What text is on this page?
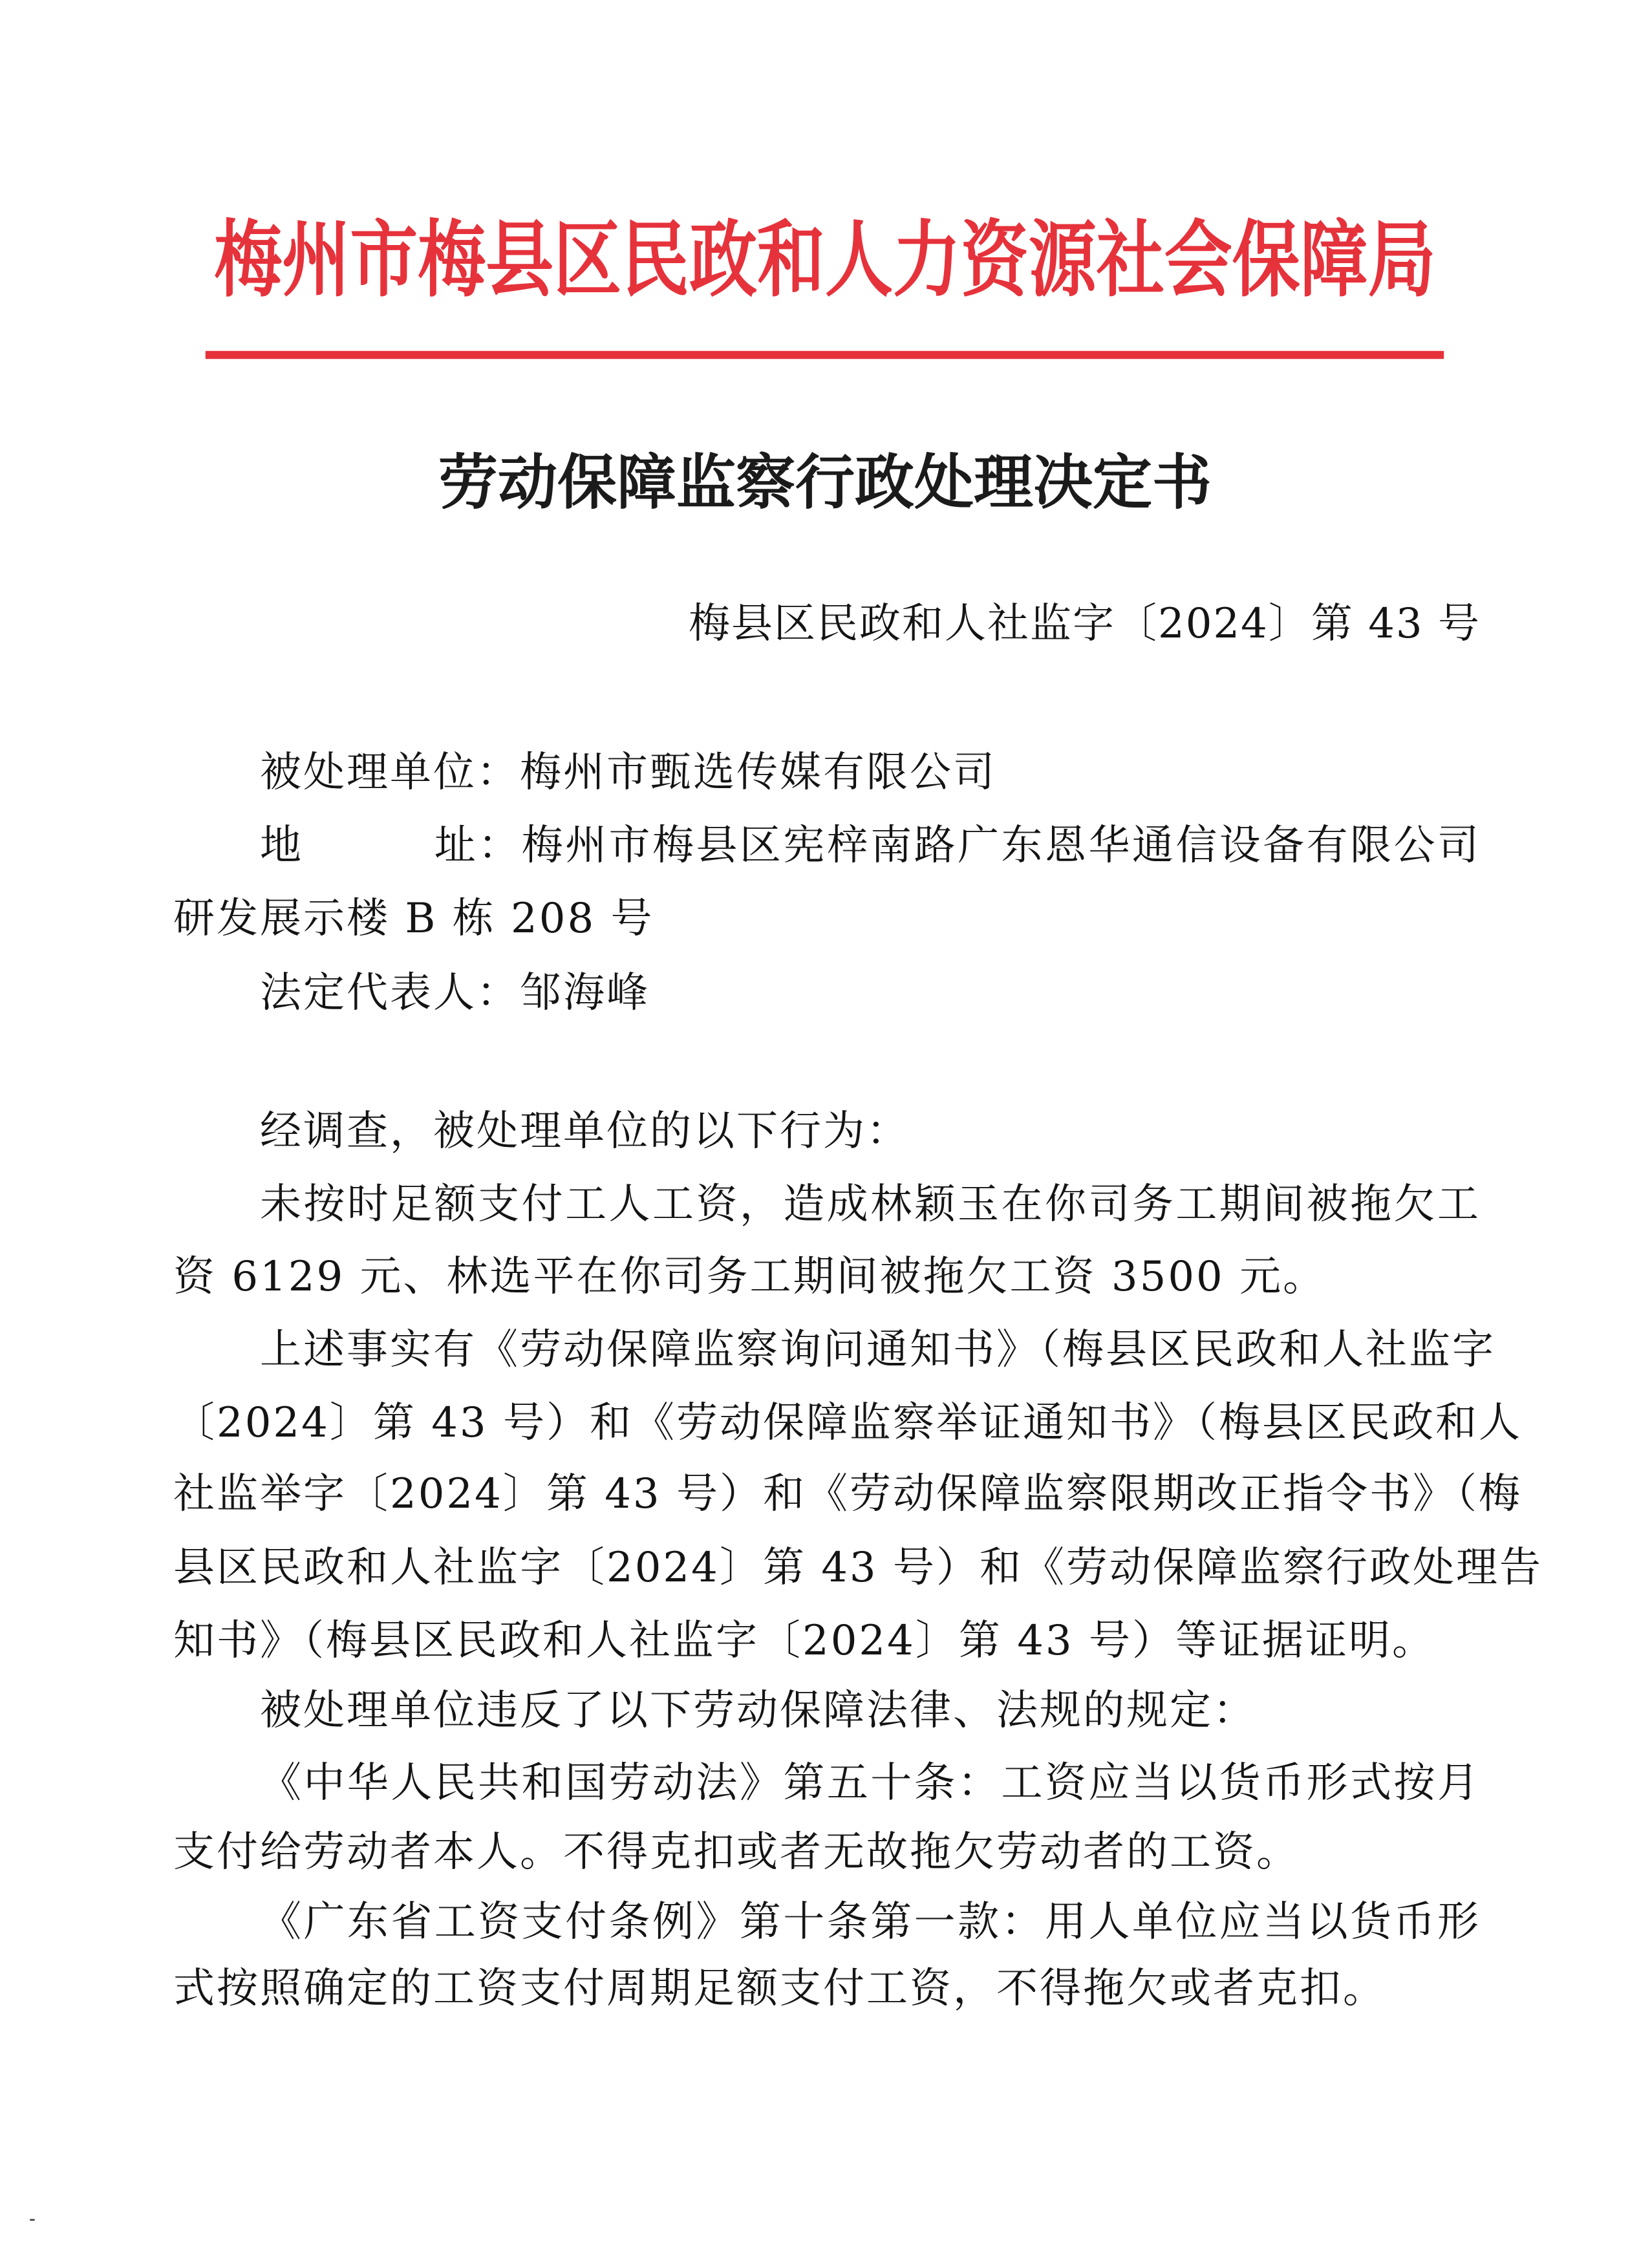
梅州市梅县区民政和人力资源社会保障局
劳动保障监察行政处理决定书
梅县区民政和人社监字〔2024〕第 43 号
被处理单位：梅州市甄选传媒有限公司
地　　　址：梅州市梅县区宪梓南路广东恩华通信设备有限公司
研发展示楼 B 栋 208 号
法定代表人：邹海峰
经调查，被处理单位的以下行为：
未按时足额支付工人工资，造成林颖玉在你司务工期间被拖欠工
资 6129 元、林选平在你司务工期间被拖欠工资 3500 元。
上述事实有《劳动保障监察询问通知书》（梅县区民政和人社监字
〔2024〕第 43 号）和《劳动保障监察举证通知书》（梅县区民政和人
社监举字〔2024〕第 43 号）和《劳动保障监察限期改正指令书》（梅
县区民政和人社监字〔2024〕第 43 号）和《劳动保障监察行政处理告
知书》（梅县区民政和人社监字〔2024〕第 43 号）等证据证明。
被处理单位违反了以下劳动保障法律、法规的规定：
《中华人民共和国劳动法》第五十条：工资应当以货币形式按月
支付给劳动者本人。不得克扣或者无故拖欠劳动者的工资。
《广东省工资支付条例》第十条第一款：用人单位应当以货币形
式按照确定的工资支付周期足额支付工资，不得拖欠或者克扣。
